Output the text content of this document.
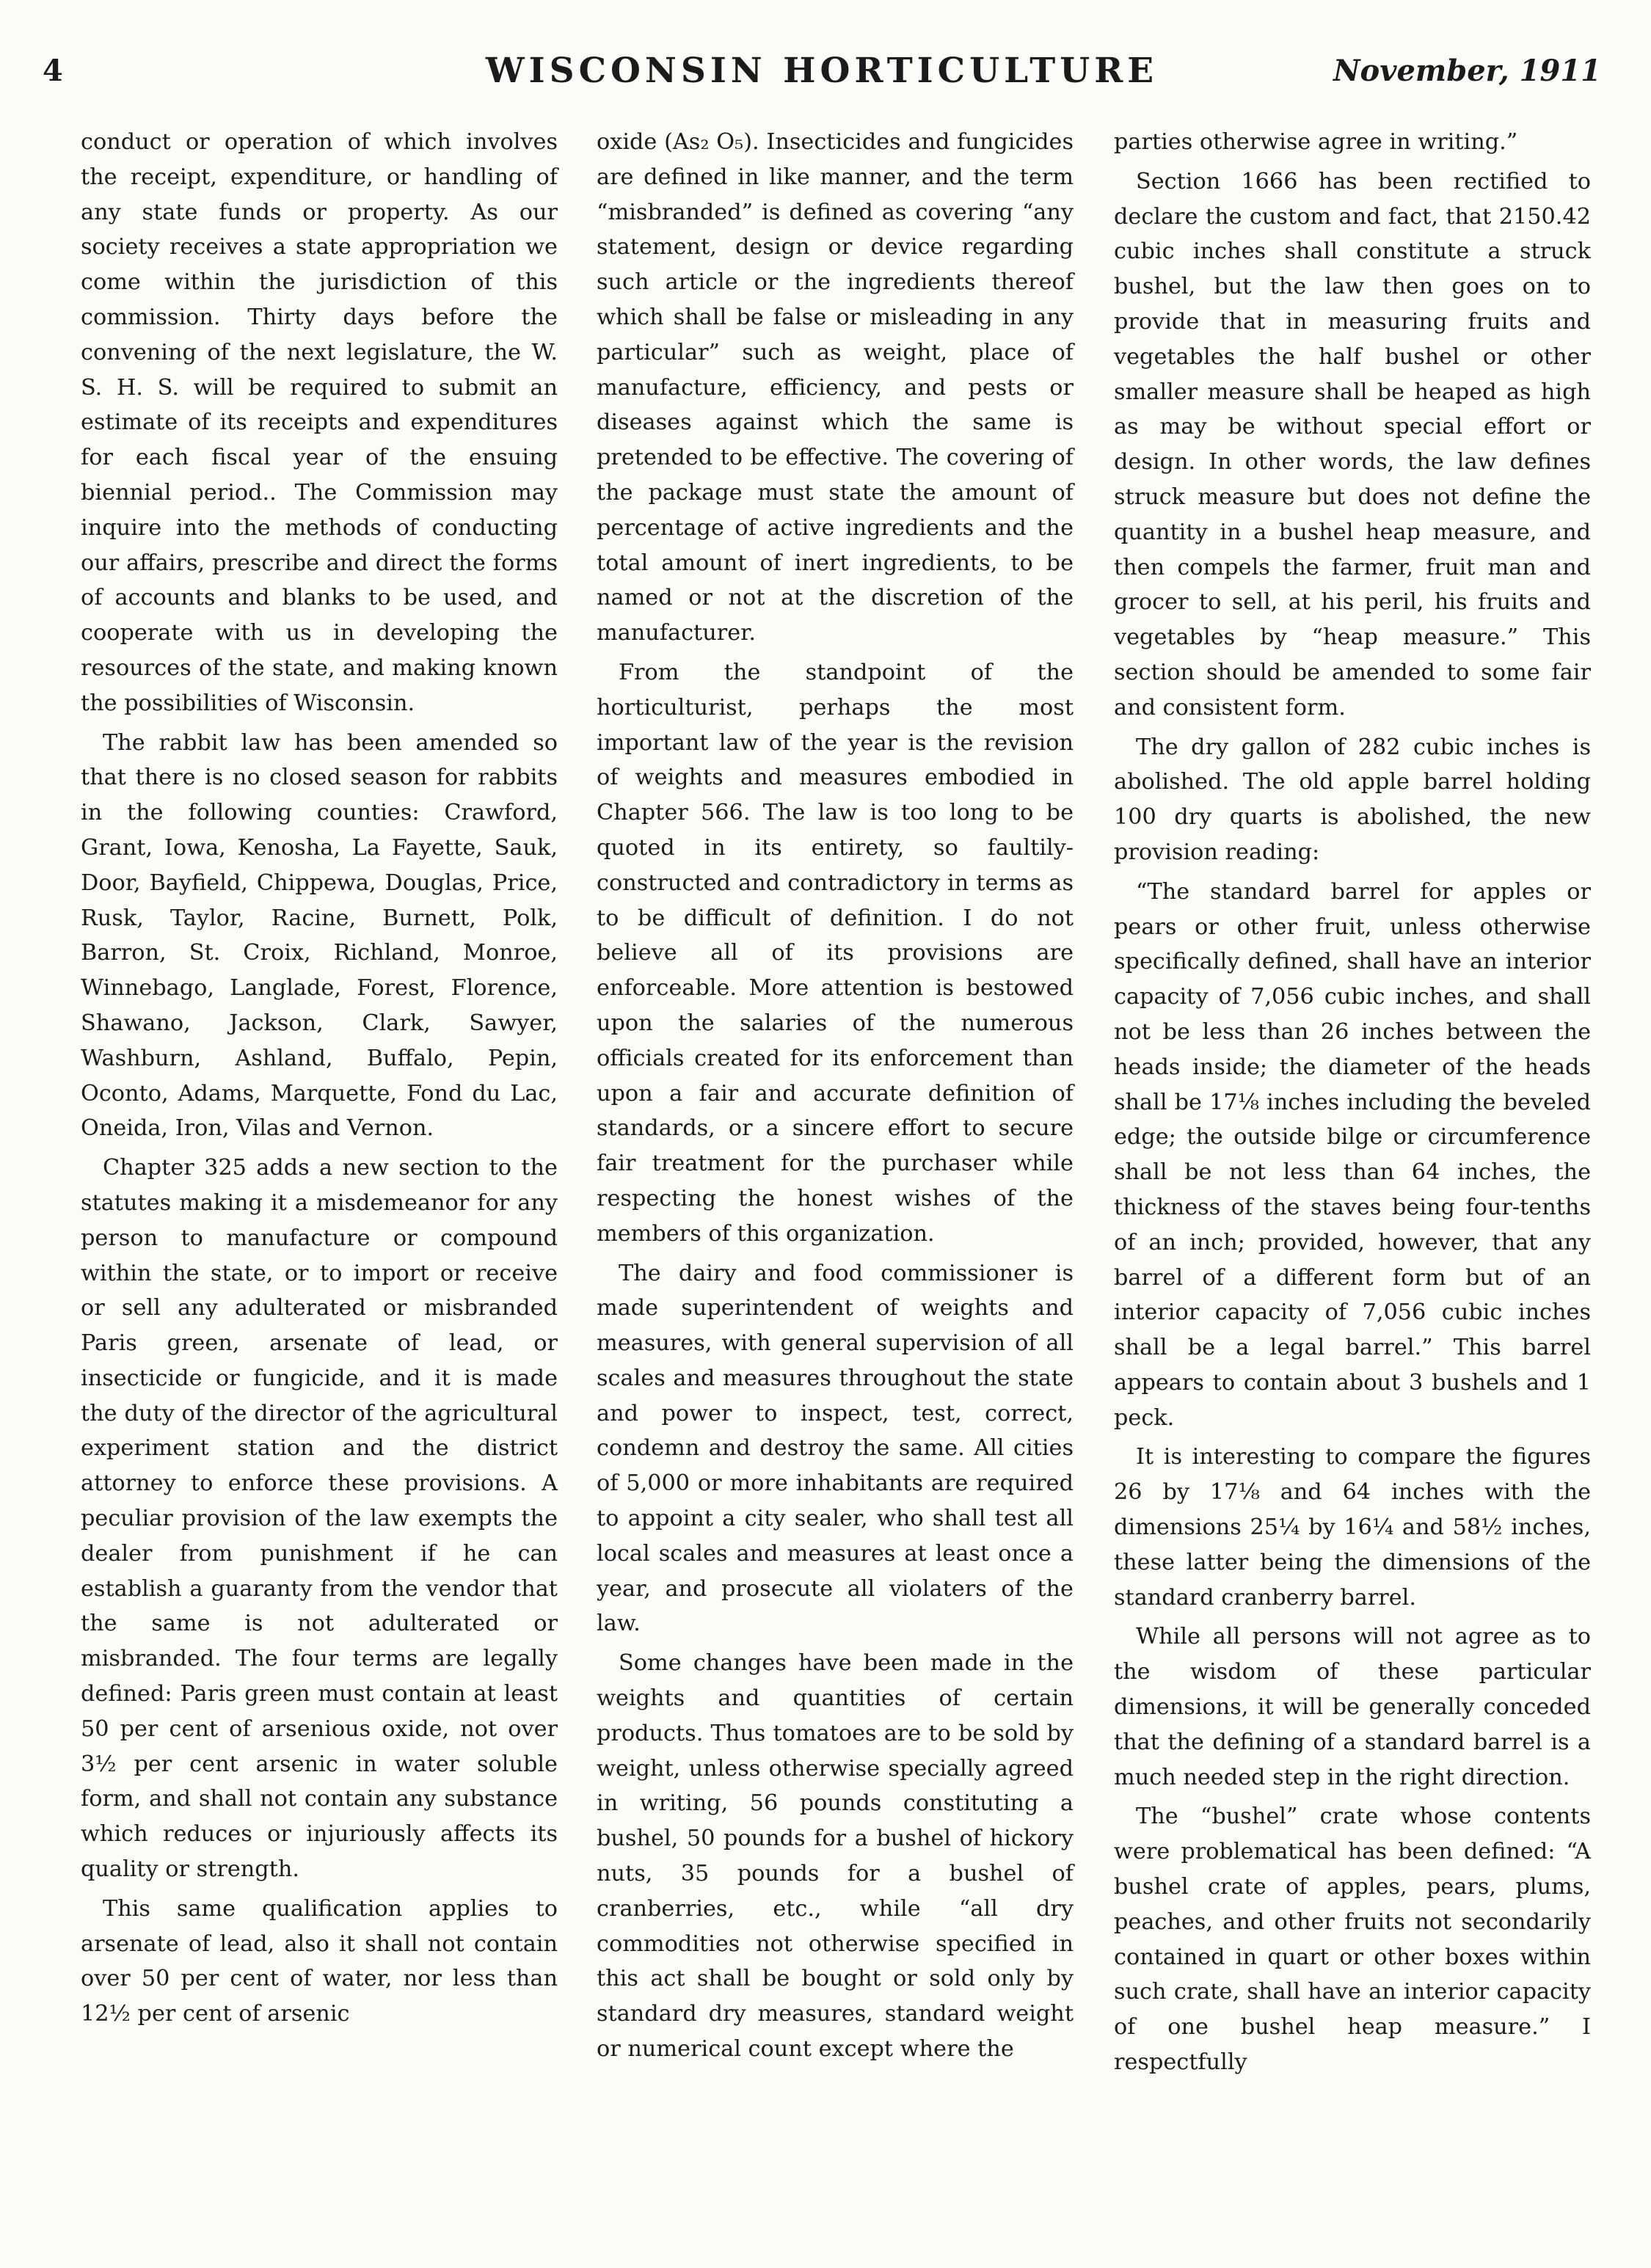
4	WISCONSIN HORTICULTURE	November, 1911

conduct or operation of which involves the receipt, expenditure, or handling of any state funds or property. As our society receives a state appropriation we come within the jurisdiction of this commission. Thirty days before the convening of the next legislature, the W. S. H. S. will be required to submit an estimate of its receipts and expenditures for each fiscal year of the ensuing biennial period.. The Commission may inquire into the methods of conducting our affairs, prescribe and direct the forms of accounts and blanks to be used, and cooperate with us in developing the resources of the state, and making known the possibilities of Wisconsin.

The rabbit law has been amended so that there is no closed season for rabbits in the following counties: Crawford, Grant, Iowa, Kenosha, La Fayette, Sauk, Door, Bayfield, Chippewa, Douglas, Price, Rusk, Taylor, Racine, Burnett, Polk, Barron, St. Croix, Richland, Monroe, Winnebago, Langlade, Forest, Florence, Shawano, Jackson, Clark, Sawyer, Washburn, Ashland, Buffalo, Pepin, Oconto, Adams, Marquette, Fond du Lac, Oneida, Iron, Vilas and Vernon.

Chapter 325 adds a new section to the statutes making it a misdemeanor for any person to manufacture or compound within the state, or to import or receive or sell any adulterated or misbranded Paris green, arsenate of lead, or insecticide or fungicide, and it is made the duty of the director of the agricultural experiment station and the district attorney to enforce these provisions. A peculiar provision of the law exempts the dealer from punishment if he can establish a guaranty from the vendor that the same is not adulterated or misbranded. The four terms are legally defined: Paris green must contain at least 50 per cent of arsenious oxide, not over 3½ per cent arsenic in water soluble form, and shall not contain any substance which reduces or injuriously affects its quality or strength.

This same qualification applies to arsenate of lead, also it shall not contain over 50 per cent of water, nor less than 12½ per cent of arsenic

oxide (As₂ O₅). Insecticides and fungicides are defined in like manner, and the term “misbranded” is defined as covering “any statement, design or device regarding such article or the ingredients thereof which shall be false or misleading in any particular” such as weight, place of manufacture, efficiency, and pests or diseases against which the same is pretended to be effective. The covering of the package must state the amount of percentage of active ingredients and the total amount of inert ingredients, to be named or not at the discretion of the manufacturer.

From the standpoint of the horticulturist, perhaps the most important law of the year is the revision of weights and measures embodied in Chapter 566. The law is too long to be quoted in its entirety, so faultily-constructed and contradictory in terms as to be difficult of definition. I do not believe all of its provisions are enforceable. More attention is bestowed upon the salaries of the numerous officials created for its enforcement than upon a fair and accurate definition of standards, or a sincere effort to secure fair treatment for the purchaser while respecting the honest wishes of the members of this organization.

The dairy and food commissioner is made superintendent of weights and measures, with general supervision of all scales and measures throughout the state and power to inspect, test, correct, condemn and destroy the same. All cities of 5,000 or more inhabitants are required to appoint a city sealer, who shall test all local scales and measures at least once a year, and prosecute all violaters of the law.

Some changes have been made in the weights and quantities of certain products. Thus tomatoes are to be sold by weight, unless otherwise specially agreed in writing, 56 pounds constituting a bushel, 50 pounds for a bushel of hickory nuts, 35 pounds for a bushel of cranberries, etc., while “all dry commodities not otherwise specified in this act shall be bought or sold only by standard dry measures, standard weight or numerical count except where the

parties otherwise agree in writing.”

Section 1666 has been rectified to declare the custom and fact, that 2150.42 cubic inches shall constitute a struck bushel, but the law then goes on to provide that in measuring fruits and vegetables the half bushel or other smaller measure shall be heaped as high as may be without special effort or design. In other words, the law defines struck measure but does not define the quantity in a bushel heap measure, and then compels the farmer, fruit man and grocer to sell, at his peril, his fruits and vegetables by “heap measure.” This section should be amended to some fair and consistent form.

The dry gallon of 282 cubic inches is abolished. The old apple barrel holding 100 dry quarts is abolished, the new provision reading:

“The standard barrel for apples or pears or other fruit, unless otherwise specifically defined, shall have an interior capacity of 7,056 cubic inches, and shall not be less than 26 inches between the heads inside; the diameter of the heads shall be 17⅛ inches including the beveled edge; the outside bilge or circumference shall be not less than 64 inches, the thickness of the staves being four-tenths of an inch; provided, however, that any barrel of a different form but of an interior capacity of 7,056 cubic inches shall be a legal barrel.” This barrel appears to contain about 3 bushels and 1 peck.

It is interesting to compare the figures 26 by 17⅛ and 64 inches with the dimensions 25¼ by 16¼ and 58½ inches, these latter being the dimensions of the standard cranberry barrel.

While all persons will not agree as to the wisdom of these particular dimensions, it will be generally conceded that the defining of a standard barrel is a much needed step in the right direction.

The “bushel” crate whose contents were problematical has been defined: “A bushel crate of apples, pears, plums, peaches, and other fruits not secondarily contained in quart or other boxes within such crate, shall have an interior capacity of one bushel heap measure.” I respectfully
